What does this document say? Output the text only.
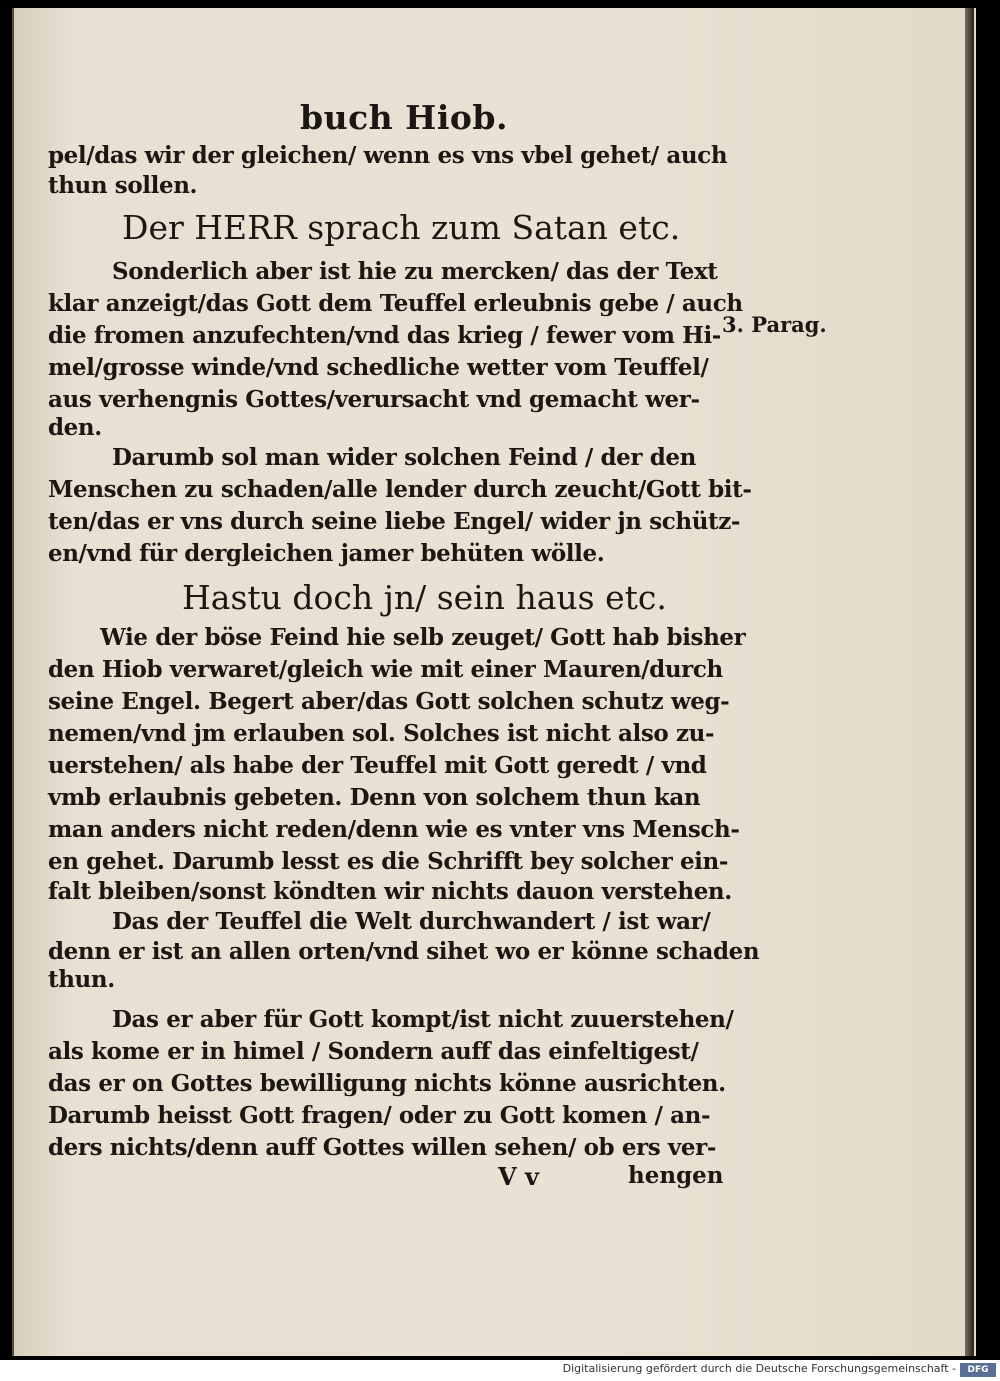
buch Hiob.
pel/das wir der gleichen/ wenn es vns vbel gehet/ auch
thun sollen.
Der HERR sprach zum Satan etc.
Sonderlich aber ist hie zu mercken/ das der Text
klar anzeigt/das Gott dem Teuffel erleubnis gebe / auch
die fromen anzufechten/vnd das krieg / fewer vom Hi-
mel/grosse winde/vnd schedliche wetter vom Teuffel/
aus verhengnis Gottes/verursacht vnd gemacht wer-
den.
3. Parag.
Darumb sol man wider solchen Feind / der den
Menschen zu schaden/alle lender durch zeucht/Gott bit-
ten/das er vns durch seine liebe Engel/ wider jn schütz-
en/vnd für dergleichen jamer behüten wölle.
Hastu doch jn/ sein haus etc.
Wie der böse Feind hie selb zeuget/ Gott hab bisher
den Hiob verwaret/gleich wie mit einer Mauren/durch
seine Engel. Begert aber/das Gott solchen schutz weg-
nemen/vnd jm erlauben sol. Solches ist nicht also zu-
uerstehen/ als habe der Teuffel mit Gott geredt / vnd
vmb erlaubnis gebeten. Denn von solchem thun kan
man anders nicht reden/denn wie es vnter vns Mensch-
en gehet. Darumb lesst es die Schrifft bey solcher ein-
falt bleiben/sonst köndten wir nichts dauon verstehen.
Das der Teuffel die Welt durchwandert / ist war/
denn er ist an allen orten/vnd sihet wo er könne schaden
thun.
Das er aber für Gott kompt/ist nicht zuuerstehen/
als kome er in himel / Sondern auff das einfeltigest/
das er on Gottes bewilligung nichts könne ausrichten.
Darumb heisst Gott fragen/ oder zu Gott komen / an-
ders nichts/denn auff Gottes willen sehen/ ob ers ver-
V v	hengen
Digitalisierung gefördert durch die Deutsche Forschungsgemeinschaft -	DFG
